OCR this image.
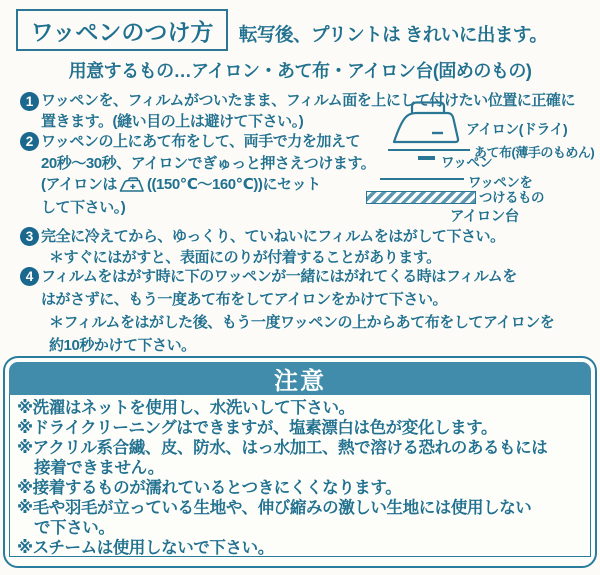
ワッペンのつけ方 転写後、プリントは きれいに出ます。
用意するもの…アイロン・あて布・アイロン台(固めのもの)
1 ワッペンを、フィルムがついたまま、フィルム面を上にして付けたい位置に正確に
置きます。(縫い目の上は避けて下さい。)
2 ワッペンの上にあて布をして、両手で力を加えて
20秒〜30秒、アイロンでぎゅっと押さえつけます。
(アイロンは ((150℃〜160℃))にセット
して下さい。)
アイロン(ドライ)
あて布(薄手のもめん)
ワッペン
ワッペンを
つけるもの
アイロン台
3 完全に冷えてから、ゆっくり、ていねいにフィルムをはがして下さい。
＊すぐにはがすと、表面にのりが付着することがあります。
4 フィルムをはがす時に下のワッペンが一緒にはがれてくる時はフィルムを
はがさずに、もう一度あて布をしてアイロンをかけて下さい。
＊フィルムをはがした後、もう一度ワッペンの上からあて布をしてアイロンを
約10秒かけて下さい。
注意
※洗濯はネットを使用し、水洗いして下さい。
※ドライクリーニングはできますが、塩素漂白は色が変化します。
※アクリル系合繊、皮、防水、はっ水加工、熱で溶ける恐れのあるもには
接着できません。
※接着するものが濡れているとつきにくくなります。
※毛や羽毛が立っている生地や、伸び縮みの激しい生地には使用しない
で下さい。
※スチームは使用しないで下さい。
